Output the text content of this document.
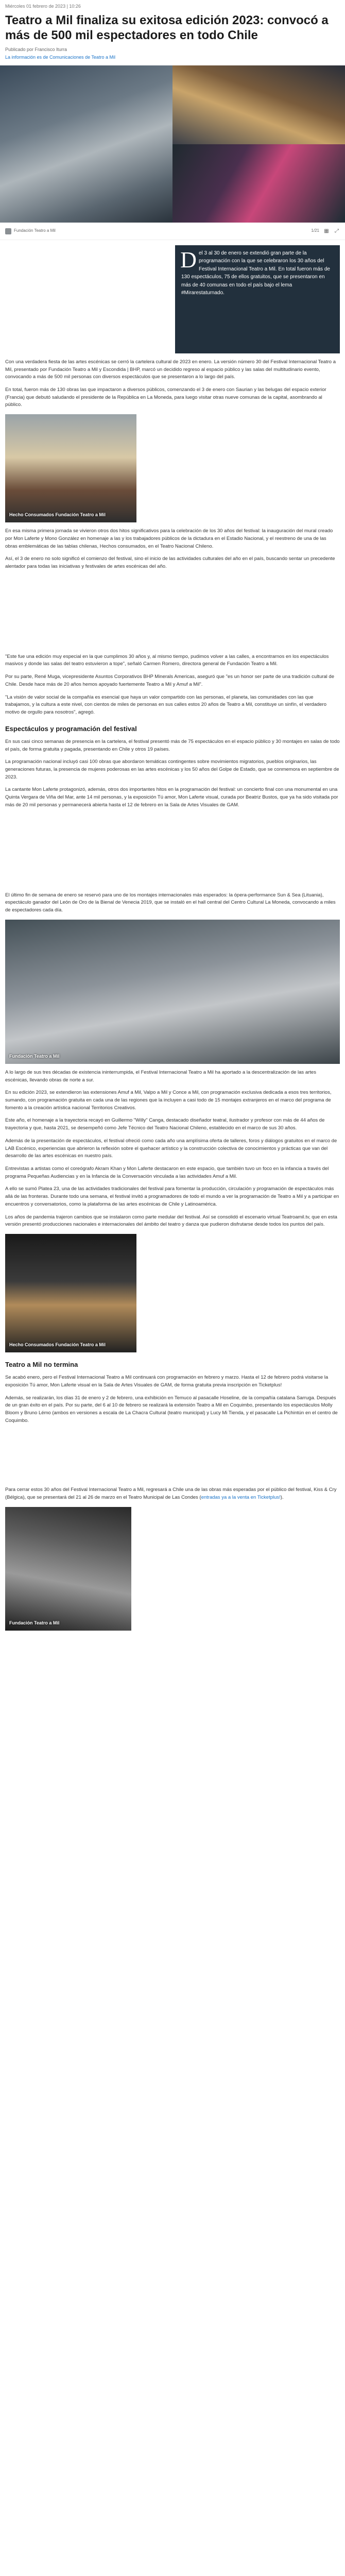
Miércoles 01 febrero de 2023 | 10:26
Teatro a Mil finaliza su exitosa edición 2023: convocó a más de 500 mil espectadores en todo Chile
Publicado por Francisco Iturra
La información es de Comunicaciones de Teatro a Mil
Fundación Teatro a Mil	1/21 ▦ ⤢
D el 3 al 30 de enero se extendió gran parte de la programación con la que se celebraron los 30 años del Festival Internacional Teatro a Mil. En total fueron más de 130 espectáculos, 75 de ellos gratuitos, que se presentaron en más de 40 comunas en todo el país bajo el lema #Mirarestaturnado.

Con una verdadera fiesta de las artes escénicas se cerró la cartelera cultural de 2023 en enero. La versión número 30 del Festival Internacional Teatro a Mil, presentado por Fundación Teatro a Mil y Escondida | BHP, marcó un decidido regreso al espacio público y las salas del multitudinario evento, convocando a más de 500 mil personas con diversos espectáculos que se presentaron a lo largo del país.

En total, fueron más de 130 obras las que impactaron a diversos públicos, comenzando el 3 de enero con Saurian y las belugas del espacio exterior (Francia) que debutó saludando el presidente de la República en La Moneda, para luego visitar otras nueve comunas de la capital, asombrando al público.

Hecho Consumados Fundación Teatro a Mil

En esa misma primera jornada se vivieron otros dos hitos significativos para la celebración de los 30 años del festival: la inauguración del mural creado por Mon Laferte y Mono González en homenaje a las y los trabajadores públicos de la dictadura en el Estadio Nacional, y el reestreno de una de las obras emblemáticas de las tablas chilenas, Hechos consumados, en el Teatro Nacional Chileno.

Así, el 3 de enero no solo significó el comienzo del festival, sino el inicio de las actividades culturales del año en el país, buscando sentar un precedente alentador para todas las iniciativas y festivales de artes escénicas del año.

"Este fue una edición muy especial en la que cumplimos 30 años y, al mismo tiempo, pudimos volver a las calles, a encontrarnos en los espectáculos masivos y donde las salas del teatro estuvieron a tope", señaló Carmen Romero, directora general de Fundación Teatro a Mil.

Por su parte, René Muga, vicepresidente Asuntos Corporativos BHP Minerals Americas, aseguró que "es un honor ser parte de una tradición cultural de Chile. Desde hace más de 20 años hemos apoyado fuertemente Teatro a Mil y Amuf a Mil".

"La visión de valor social de la compañía es esencial que haya un valor compartido con las personas, el planeta, las comunidades con las que trabajamos, y la cultura a este nivel, con cientos de miles de personas en sus calles estos 20 años de Teatro a Mil, constituye un sinfín, el verdadero motivo de orgullo para nosotros", agregó.

Espectáculos y programación del festival

En sus casi cinco semanas de presencia en la cartelera, el festival presentó más de 75 espectáculos en el espacio público y 30 montajes en salas de todo el país, de forma gratuita y pagada, presentando en Chile y otros 19 países.

La programación nacional incluyó casi 100 obras que abordaron temáticas contingentes sobre movimientos migratorios, pueblos originarios, las generaciones futuras, la presencia de mujeres poderosas en las artes escénicas y los 50 años del Golpe de Estado, que se conmemora en septiembre de 2023.

La cantante Mon Laferte protagonizó, además, otros dos importantes hitos en la programación del festival: un concierto final con una monumental en una Quinta Vergara de Viña del Mar, ante 14 mil personas, y la exposición Tú amor, Mon Laferte visual, curada por Beatriz Bustos, que ya ha sido visitada por más de 20 mil personas y permanecerá abierta hasta el 12 de febrero en la Sala de Artes Visuales de GAM.

El último fin de semana de enero se reservó para uno de los montajes internacionales más esperados: la ópera-performance Sun & Sea (Lituania), espectáculo ganador del León de Oro de la Bienal de Venecia 2019, que se instaló en el hall central del Centro Cultural La Moneda, convocando a miles de espectadores cada día.

Fundación Teatro a Mil

A lo largo de sus tres décadas de existencia ininterrumpida, el Festival Internacional Teatro a Mil ha aportado a la descentralización de las artes escénicas, llevando obras de norte a sur.

En su edición 2023, se extendieron las extensiones Amuf a Mil, Valpo a Mil y Conce a Mil, con programación exclusiva dedicada a esos tres territorios, sumando, con programación gratuita en cada una de las regiones que la incluyen a casi todo de 15 montajes extranjeros en el marco del programa de fomento a la creación artística nacional Territorios Creativos.

Este año, el homenaje a la trayectoria recayó en Guillermo "Willy" Canga, destacado diseñador teatral, ilustrador y profesor con más de 44 años de trayectoria y que, hasta 2021, se desempeñó como Jefe Técnico del Teatro Nacional Chileno, establecido en el marco de sus 30 años.

Además de la presentación de espectáculos, el festival ofreció como cada año una amplísima oferta de talleres, foros y diálogos gratuitos en el marco de LAB Escénico, experiencias que abrieron la reflexión sobre el quehacer artístico y la construcción colectiva de conocimientos y prácticas que van del desarrollo de las artes escénicas en nuestro país.

Entrevistas a artistas como el coreógrafo Akram Khan y Mon Laferte destacaron en este espacio, que también tuvo un foco en la infancia a través del programa Pequeñas Audiencias y en la Infancia de la Conversación vinculada a las actividades Amuf a Mil.

A ello se sumó Platea 23, una de las actividades tradicionales del festival para fomentar la producción, circulación y programación de espectáculos más allá de las fronteras. Durante todo una semana, el festival invitó a programadores de todo el mundo a ver la programación de Teatro a Mil y a participar en encuentros y conversatorios, como la plataforma de las artes escénicas de Chile y Latinoamérica.

Los años de pandemia trajeron cambios que se instalaron como parte medular del festival. Así se consolidó el escenario virtual Teatroamil.tv, que en esta versión presentó producciones nacionales e internacionales del ámbito del teatro y danza que pudieron disfrutarse desde todos los puntos del país.

Hecho Consumados Fundación Teatro a Mil
Teatro a Mil no termina

Se acabó enero, pero el Festival Internacional Teatro a Mil continuará con programación en febrero y marzo. Hasta el 12 de febrero podrá visitarse la exposición Tú amor, Mon Laferte visual en la Sala de Artes Visuales de GAM, de forma gratuita previa inscripción en Ticketplus!

Además, se realizarán, los días 31 de enero y 2 de febrero, una exhibición en Temuco al pasacalle Hoseline, de la compañía catalana Sarruga. Después de un gran éxito en el país. Por su parte, del 6 al 10 de febrero se realizará la extensión Teatro a Mil en Coquimbo, presentando los espectáculos Molly Bloom y Bruno Lémo (ambos en versiones a escala de La Chacra Cultural (teatro municipal) y Lucy Mi Tienda, y el pasacalle La Pichintún en el centro de Coquimbo.

Para cerrar estos 30 años del Festival Internacional Teatro a Mil, regresará a Chile una de las obras más esperadas por el público del festival, Kiss & Cry (Bélgica), que se presentará del 21 al 26 de marzo en el Teatro Municipal de Las Condes (entradas ya a la venta en Ticketplus!).

Fundación Teatro a Mil
